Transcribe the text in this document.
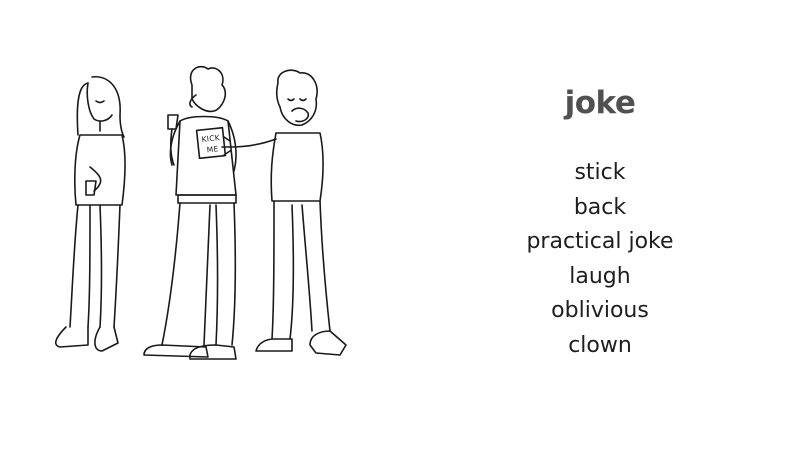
KICK
ME
joke
stick
back
practical joke
laugh
oblivious
clown
